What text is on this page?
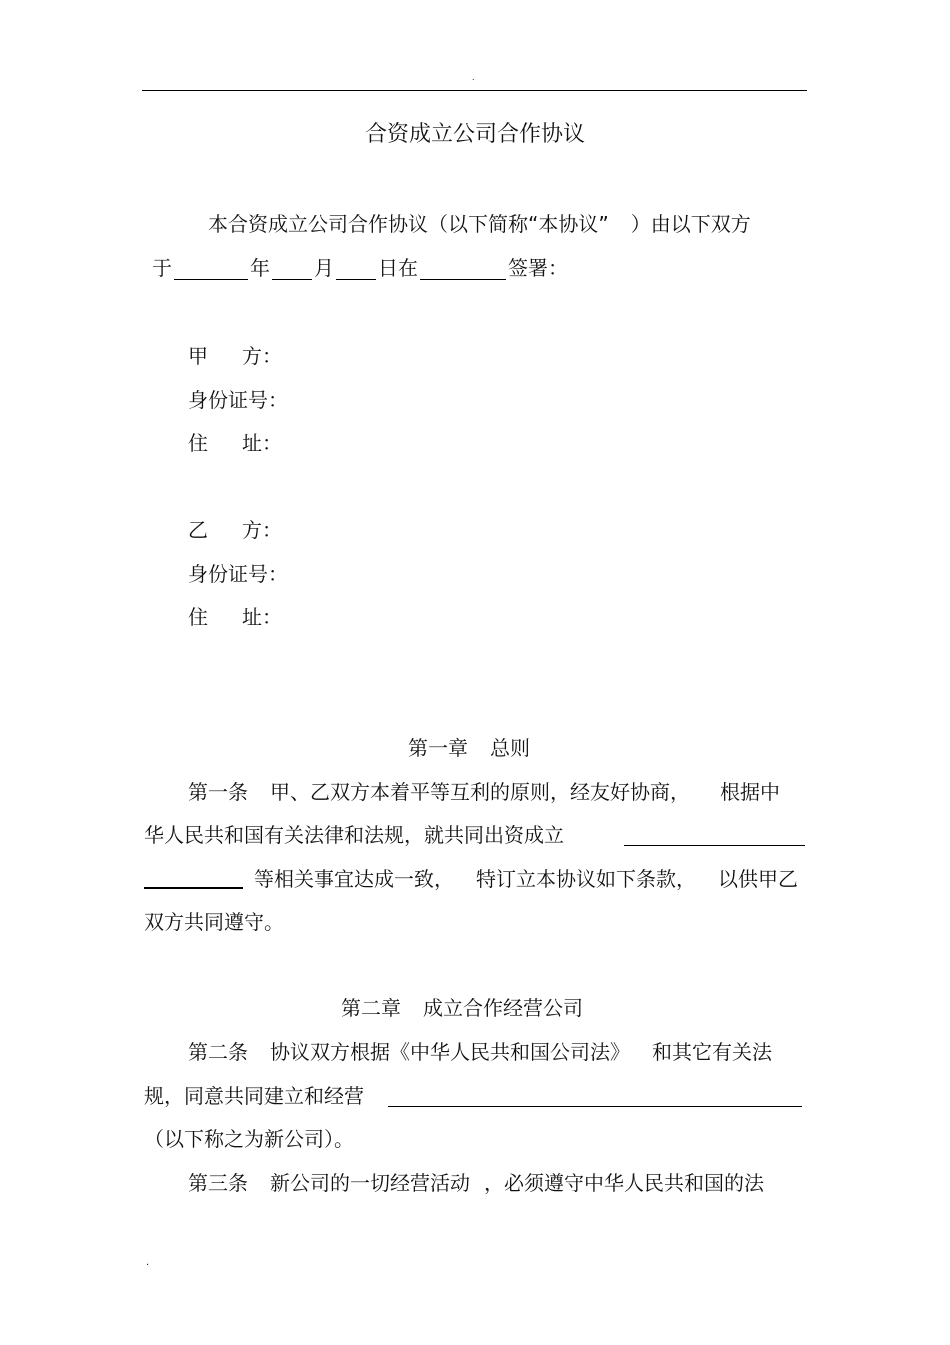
.
合资成立公司合作协议
本合资成立公司合作协议（以下简称“本协议” ）由以下双方
于	年 月 日在	签署：
甲 方：
身份证号：
住 址：
乙 方：
身份证号：
住 址：
第一章 总则
第一条 甲、乙双方本着平等互利的原则，经友好协商， 根据中
华人民共和国有关法律和法规，就共同出资成立
等相关事宜达成一致， 特订立本协议如下条款， 以供甲乙
双方共同遵守。
第二章 成立合作经营公司
第二条 协议双方根据《中华人民共和国公司法》 和其它有关法
规，同意共同建立和经营
（以下称之为新公司）。
第三条 新公司的一切经营活动 ，必须遵守中华人民共和国的法
.
